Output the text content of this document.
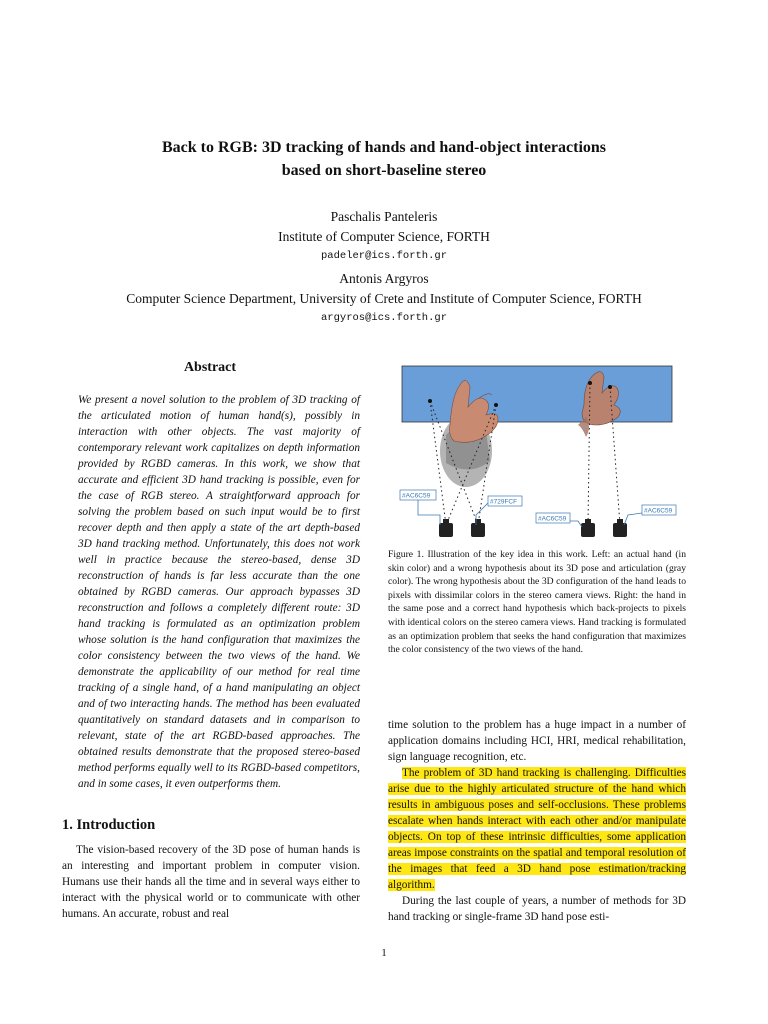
Back to RGB: 3D tracking of hands and hand-object interactions
based on short-baseline stereo
Paschalis Panteleris
Institute of Computer Science, FORTH
padeler@ics.forth.gr
Antonis Argyros
Computer Science Department, University of Crete and Institute of Computer Science, FORTH
argyros@ics.forth.gr
Abstract
We present a novel solution to the problem of 3D tracking of the articulated motion of human hand(s), possibly in interaction with other objects. The vast majority of contemporary relevant work capitalizes on depth information provided by RGBD cameras. In this work, we show that accurate and efficient 3D hand tracking is possible, even for the case of RGB stereo. A straightforward approach for solving the problem based on such input would be to first recover depth and then apply a state of the art depth-based 3D hand tracking method. Unfortunately, this does not work well in practice because the stereo-based, dense 3D reconstruction of hands is far less accurate than the one obtained by RGBD cameras. Our approach bypasses 3D reconstruction and follows a completely different route: 3D hand tracking is formulated as an optimization problem whose solution is the hand configuration that maximizes the color consistency between the two views of the hand. We demonstrate the applicability of our method for real time tracking of a single hand, of a hand manipulating an object and of two interacting hands. The method has been evaluated quantitatively on standard datasets and in comparison to relevant, state of the art RGBD-based approaches. The obtained results demonstrate that the proposed stereo-based method performs equally well to its RGBD-based competitors, and in some cases, it even outperforms them.
1. Introduction
The vision-based recovery of the 3D pose of human hands is an interesting and important problem in computer vision. Humans use their hands all the time and in several ways either to interact with the physical world or to communicate with other humans. An accurate, robust and real
#AC6C59
#729FCF
#AC6C59
#AC6C59
Figure 1. Illustration of the key idea in this work. Left: an actual hand (in skin color) and a wrong hypothesis about its 3D pose and articulation (gray color). The wrong hypothesis about the 3D configuration of the hand leads to pixels with dissimilar colors in the stereo camera views. Right: the hand in the same pose and a correct hand hypothesis which back-projects to pixels with identical colors on the stereo camera views. Hand tracking is formulated as an optimization problem that seeks the hand configuration that maximizes the color consistency of the two views of the hand.

time solution to the problem has a huge impact in a number of application domains including HCI, HRI, medical rehabilitation, sign language recognition, etc.

The problem of 3D hand tracking is challenging. Difficulties arise due to the highly articulated structure of the hand which results in ambiguous poses and self-occlusions. These problems escalate when hands interact with each other and/or manipulate objects. On top of these intrinsic difficulties, some application areas impose constraints on the spatial and temporal resolution of the images that feed a 3D hand pose estimation/tracking algorithm.

During the last couple of years, a number of methods for 3D hand tracking or single-frame 3D hand pose esti-

1
